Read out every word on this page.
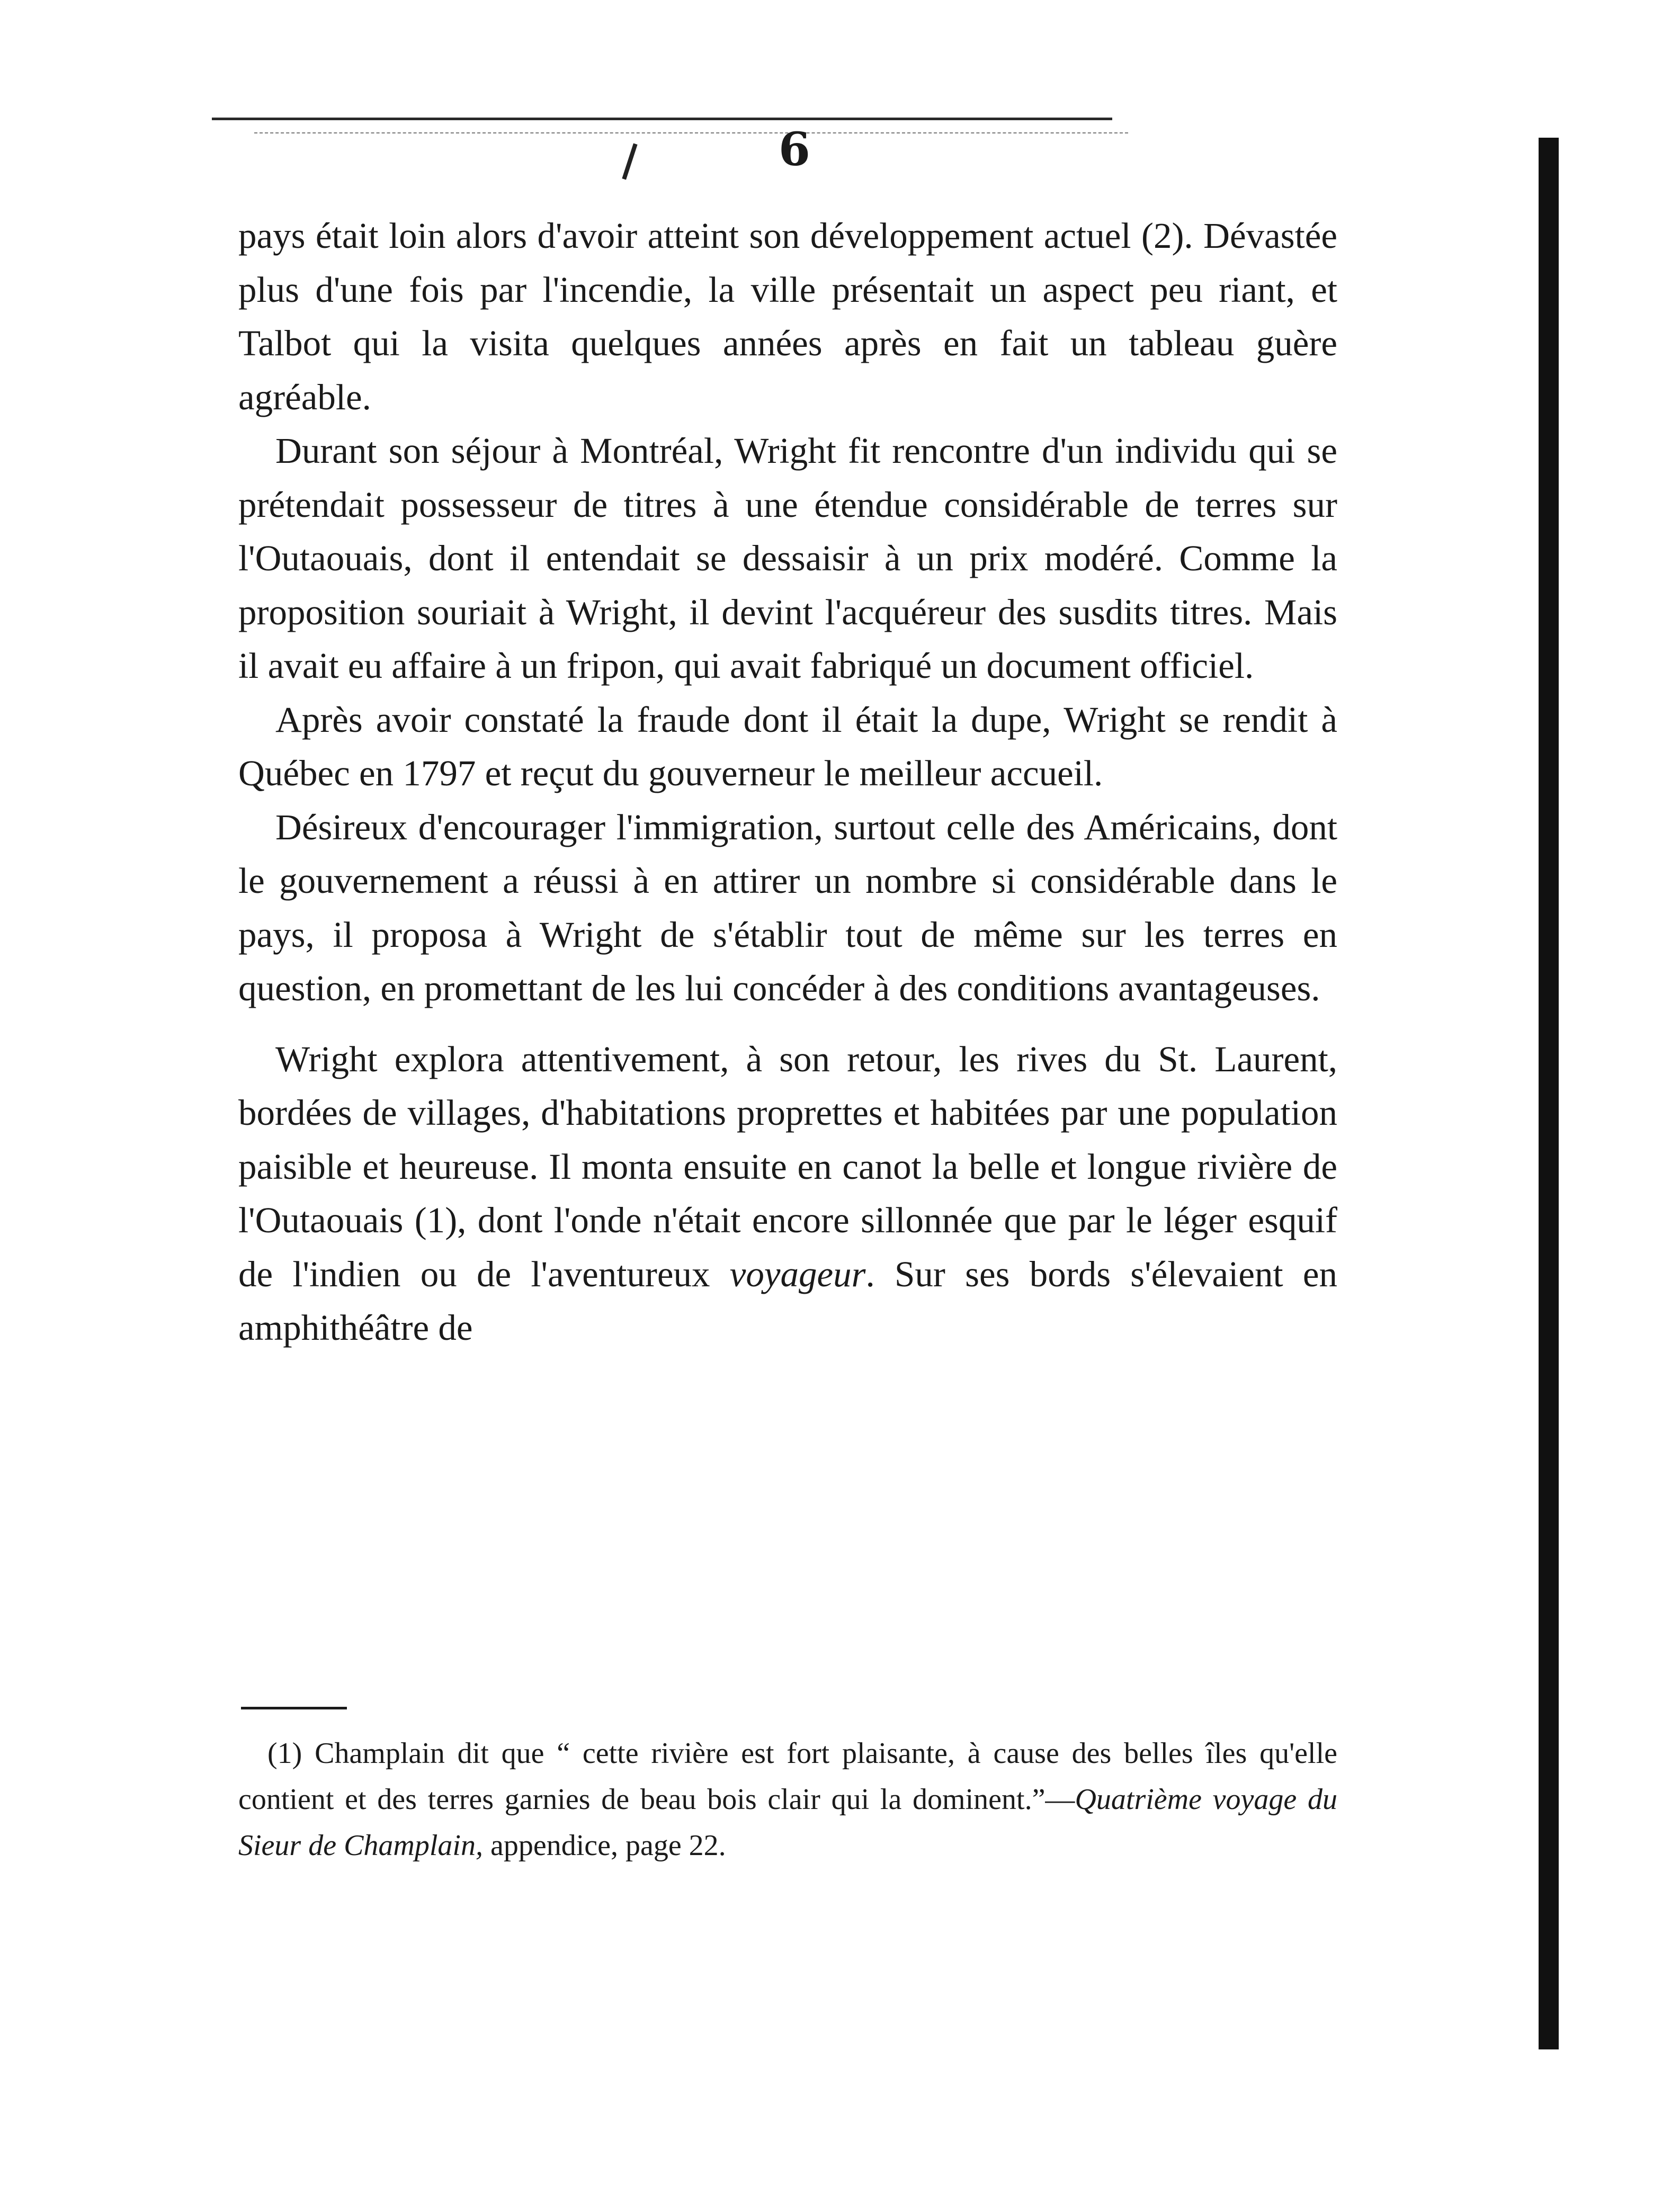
6

pays était loin alors d'avoir atteint son développement actuel (2). Dévastée plus d'une fois par l'incendie, la ville présentait un aspect peu riant, et Talbot qui la visita quelques années après en fait un tableau guère agréable.

Durant son séjour à Montréal, Wright fit rencontre d'un individu qui se prétendait possesseur de titres à une étendue considérable de terres sur l'Outaouais, dont il entendait se dessaisir à un prix modéré. Comme la proposition souriait à Wright, il devint l'acquéreur des susdits titres. Mais il avait eu affaire à un fripon, qui avait fabriqué un document officiel.

Après avoir constaté la fraude dont il était la dupe, Wright se rendit à Québec en 1797 et reçut du gouverneur le meilleur accueil.

Désireux d'encourager l'immigration, surtout celle des Américains, dont le gouvernement a réussi à en attirer un nombre si considérable dans le pays, il proposa à Wright de s'établir tout de même sur les terres en question, en promettant de les lui concéder à des conditions avantageuses.

Wright explora attentivement, à son retour, les rives du St. Laurent, bordées de villages, d'habitations proprettes et habitées par une population paisible et heureuse. Il monta ensuite en canot la belle et longue rivière de l'Outaouais (1), dont l'onde n'était encore sillonnée que par le léger esquif de l'indien ou de l'aventureux voyageur. Sur ses bords s'élevaient en amphithéâtre de

(1) Champlain dit que “ cette rivière est fort plaisante, à cause des belles îles qu'elle contient et des terres garnies de beau bois clair qui la dominent.”—Quatrième voyage du Sieur de Champlain, appendice, page 22.
